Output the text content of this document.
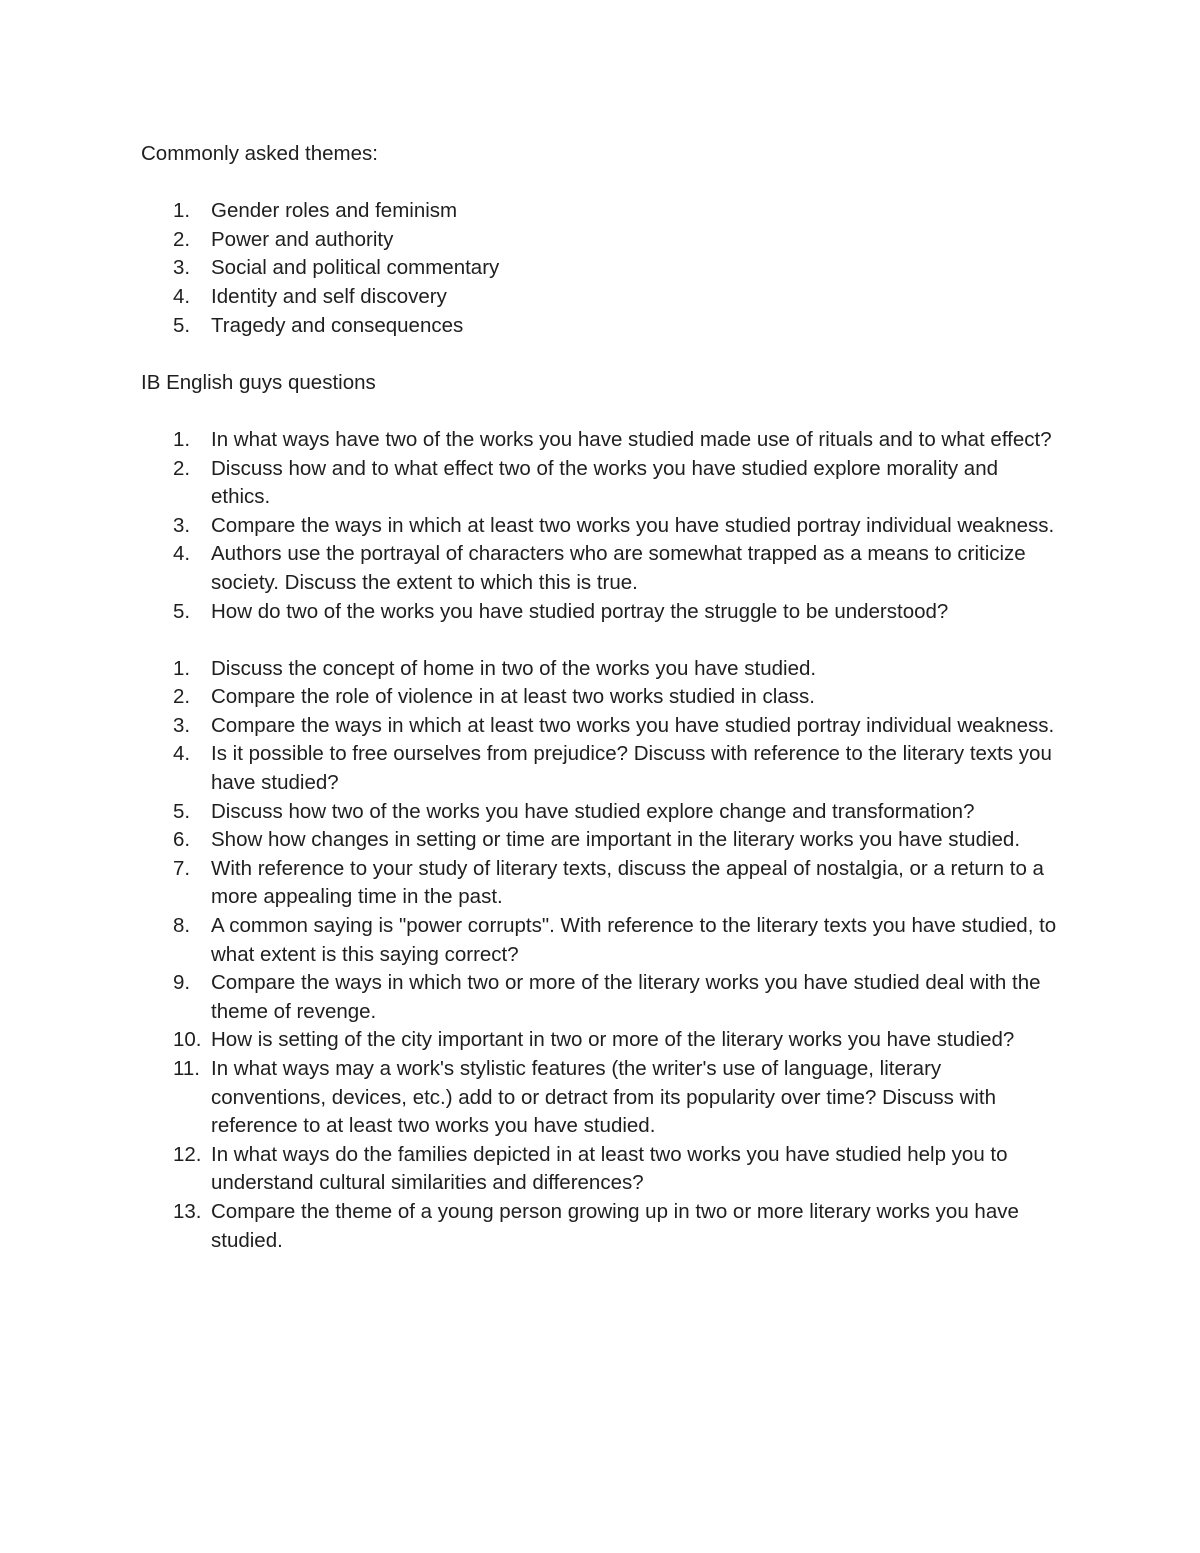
Commonly asked themes:

1.	Gender roles and feminism
2.	Power and authority
3.	Social and political commentary
4.	Identity and self discovery
5.	Tragedy and consequences

IB English guys questions

1.	In what ways have two of the works you have studied made use of rituals and to what effect?
2.	Discuss how and to what effect two of the works you have studied explore morality and ethics.
3.	Compare the ways in which at least two works you have studied portray individual weakness.
4.	Authors use the portrayal of characters who are somewhat trapped as a means to criticize society. Discuss the extent to which this is true.
5.	How do two of the works you have studied portray the struggle to be understood?
1.	Discuss the concept of home in two of the works you have studied.
2.	Compare the role of violence in at least two works studied in class.
3.	Compare the ways in which at least two works you have studied portray individual weakness.
4.	Is it possible to free ourselves from prejudice? Discuss with reference to the literary texts you have studied?
5.	Discuss how two of the works you have studied explore change and transformation?
6.	Show how changes in setting or time are important in the literary works you have studied.
7.	With reference to your study of literary texts, discuss the appeal of nostalgia, or a return to a more appealing time in the past.
8.	A common saying is "power corrupts". With reference to the literary texts you have studied, to what extent is this saying correct?
9.	Compare the ways in which two or more of the literary works you have studied deal with the theme of revenge.
10. How is setting of the city important in two or more of the literary works you have studied?
11. In what ways may a work's stylistic features (the writer's use of language, literary conventions, devices, etc.) add to or detract from its popularity over time? Discuss with reference to at least two works you have studied.
12. In what ways do the families depicted in at least two works you have studied help you to understand cultural similarities and differences?
13. Compare the theme of a young person growing up in two or more literary works you have studied.
